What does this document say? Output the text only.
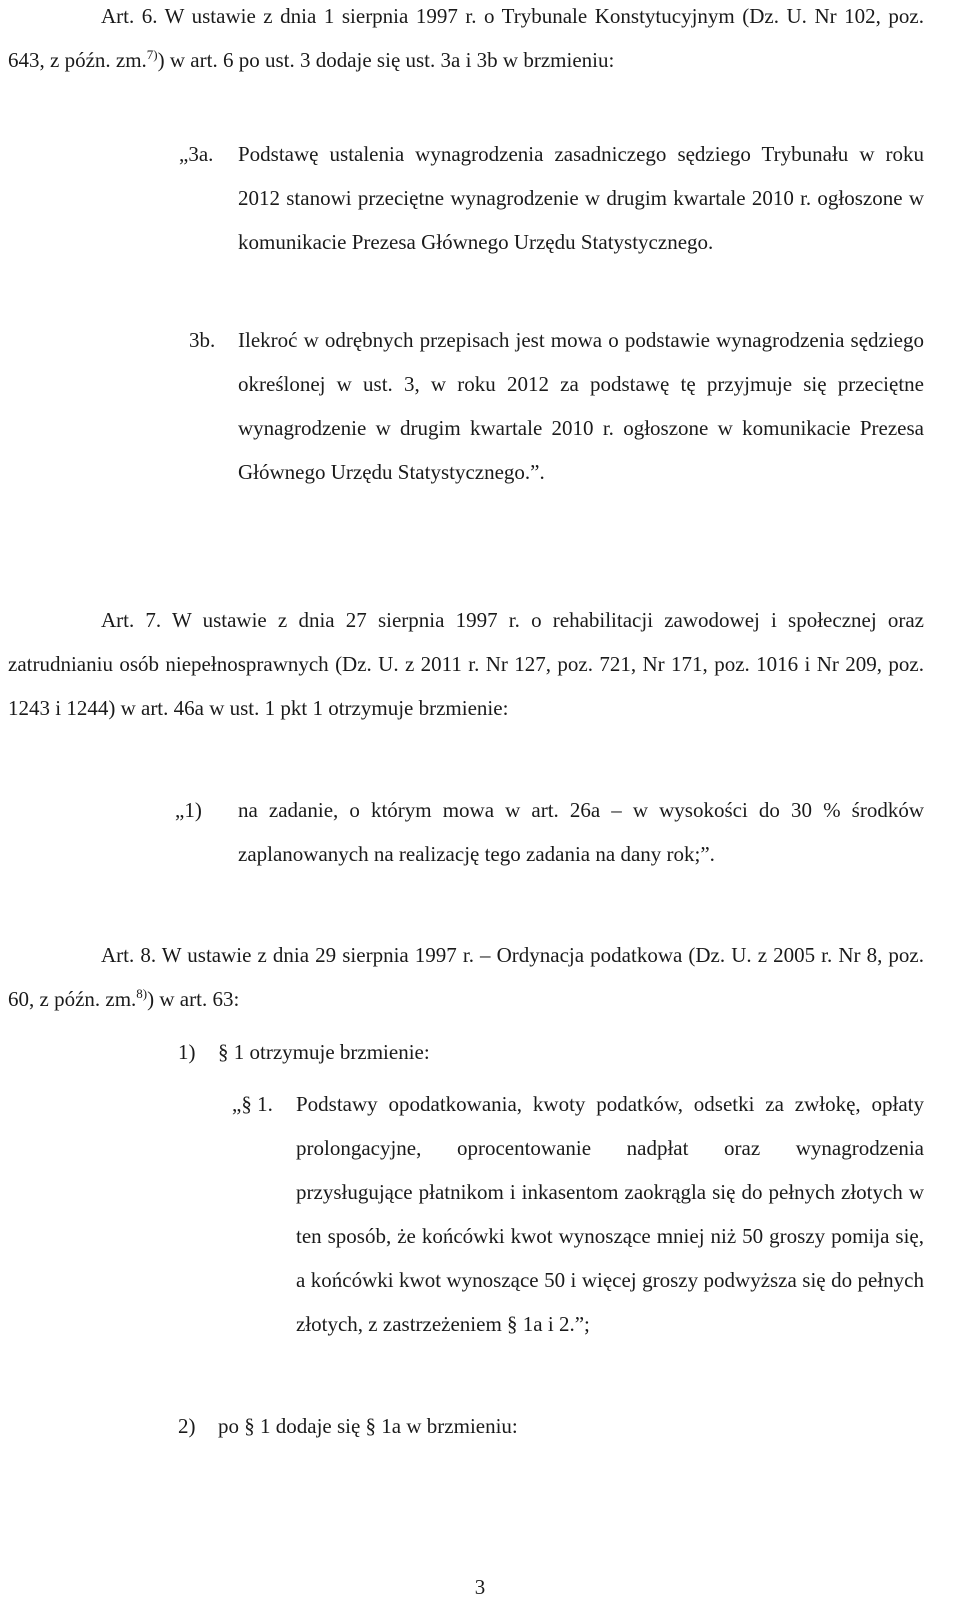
Art. 6. W ustawie z dnia 1 sierpnia 1997 r. o Trybunale Konstytucyjnym (Dz. U. Nr 102, poz. 643, z późn. zm.$^{7)}$) w art. 6 po ust. 3 dodaje się ust. 3a i 3b w brzmieniu:
„3a. Podstawę ustalenia wynagrodzenia zasadniczego sędziego Trybunału w roku 2012 stanowi przeciętne wynagrodzenie w drugim kwartale 2010 r. ogłoszone w komunikacie Prezesa Głównego Urzędu Statystycznego.
3b. Ilekroć w odrębnych przepisach jest mowa o podstawie wynagrodzenia sędziego określonej w ust. 3, w roku 2012 za podstawę tę przyjmuje się przeciętne wynagrodzenie w drugim kwartale 2010 r. ogłoszone w komunikacie Prezesa Głównego Urzędu Statystycznego.”.
Art. 7. W ustawie z dnia 27 sierpnia 1997 r. o rehabilitacji zawodowej i społecznej oraz zatrudnianiu osób niepełnosprawnych (Dz. U. z 2011 r. Nr 127, poz. 721, Nr 171, poz. 1016 i Nr 209, poz. 1243 i 1244) w art. 46a w ust. 1 pkt 1 otrzymuje brzmienie:
„1) na zadanie, o którym mowa w art. 26a – w wysokości do 30 % środków zaplanowanych na realizację tego zadania na dany rok;”.
Art. 8. W ustawie z dnia 29 sierpnia 1997 r. – Ordynacja podatkowa (Dz. U. z 2005 r. Nr 8, poz. 60, z późn. zm.$^{8)}$) w art. 63:
1) § 1 otrzymuje brzmienie:
„§ 1. Podstawy opodatkowania, kwoty podatków, odsetki za zwłokę, opłaty prolongacyjne, oprocentowanie nadpłat oraz wynagrodzenia przysługujące płatnikom i inkasentom zaokrągla się do pełnych złotych w ten sposób, że końcówki kwot wynoszące mniej niż 50 groszy pomija się, a końcówki kwot wynoszące 50 i więcej groszy podwyższa się do pełnych złotych, z zastrzeżeniem § 1a i 2.”;
2) po § 1 dodaje się § 1a w brzmieniu:
3
